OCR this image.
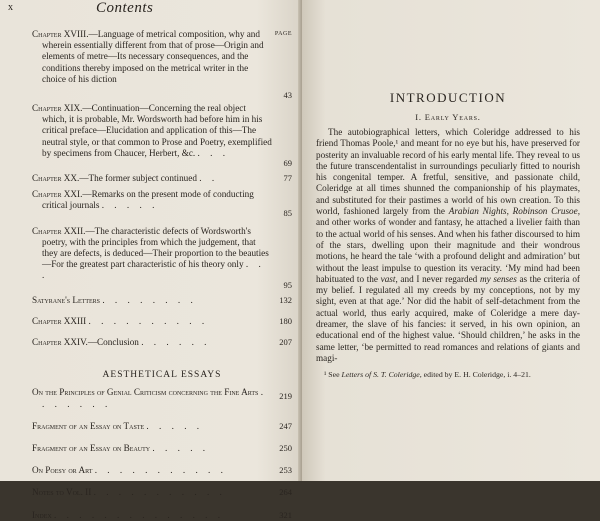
x	Contents
PAGE
Chapter XVIII.—Language of metrical composition, why and wherein essentially different from that of prose—Origin and elements of metre—Its necessary consequences, and the conditions thereby imposed on the metrical writer in the choice of his diction
43
Chapter XIX.—Continuation—Concerning the real object which, it is probable, Mr. Wordsworth had before him in his critical preface—Elucidation and application of this—The neutral style, or that common to Prose and Poetry, exemplified by specimens from Chaucer, Herbert, &c. . . .
69
Chapter XX.—The former subject continued . .	77
Chapter XXI.—Remarks on the present mode of conducting critical journals . . . . .
85
Chapter XXII.—The characteristic defects of Wordsworth's poetry, with the principles from which the judgement, that they are defects, is deduced—Their proportion to the beauties—For the greatest part characteristic of his theory only . . .
95
Satyrane's Letters . . . . . . . .	132
Chapter XXIII . . . . . . . . . .	180
Chapter XXIV.—Conclusion . . . . . .	207
AESTHETICAL ESSAYS
On the Principles of Genial Criticism concerning the Fine Arts . . . . . . .
219
Fragment of an Essay on Taste . . . . .	247
Fragment of an Essay on Beauty . . . . .	250
On Poesy or Art . . . . . . . . . . .	253
Notes to Vol. II . . . . . . . . . . .	264
Index . . . . . . . . . . . . . .	321
INTRODUCTION
I. Early Years.

The autobiographical letters, which Coleridge addressed to his friend Thomas Poole,¹ and meant for no eye but his, have preserved for posterity an invaluable record of his early mental life. They reveal to us the future transcendentalist in surroundings peculiarly fitted to nourish his congenital temper. A fretful, sensitive, and passionate child, Coleridge at all times shunned the companionship of his playmates, and substituted for their pastimes a world of his own creation. To this world, fashioned largely from the Arabian Nights, Robinson Crusoe, and other works of wonder and fantasy, he attached a livelier faith than to the actual world of his senses. And when his father discoursed to him of the stars, dwelling upon their magnitude and their wondrous motions, he heard the tale ‘with a profound delight and admiration’ but without the least impulse to question its veracity. ‘My mind had been habituated to the vast, and I never regarded my senses as the criteria of my belief. I regulated all my creeds by my conceptions, not by my sight, even at that age.’ Nor did the habit of self-detachment from the actual world, thus early acquired, make of Coleridge a mere day-dreamer, the slave of his fancies: it served, in his own opinion, an educational end of the highest value. ‘Should children,’ he asks in the same letter, ‘be permitted to read romances and relations of giants and magi-

¹ See Letters of S. T. Coleridge, edited by E. H. Coleridge, i. 4–21.
